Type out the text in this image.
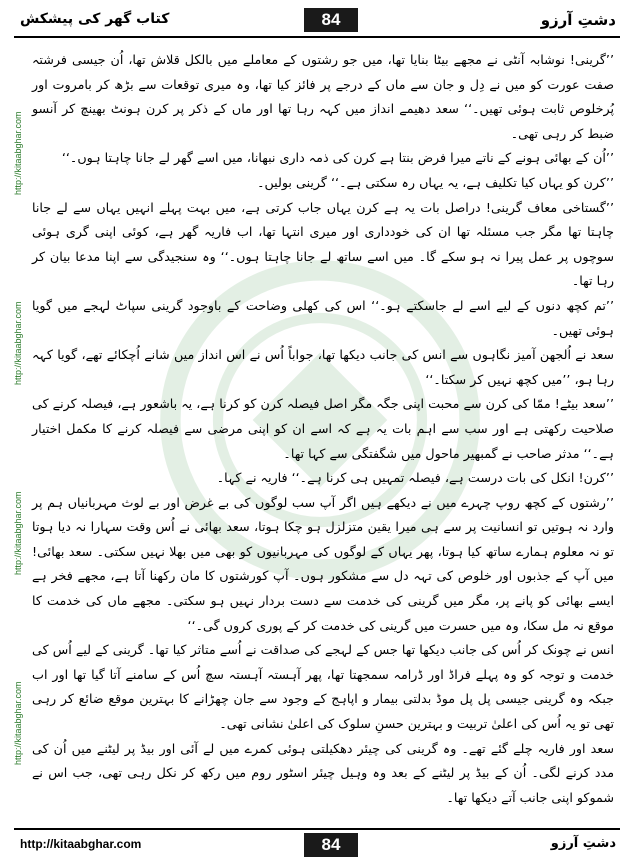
کتاب گھر کی پیشکش	84	دشتِ آرزو
http://kitaabghar.com
http://kitaabghar.com
http://kitaabghar.com
http://kitaabghar.com

’’گرینی! نوشابہ آنٹی نے مجھے بیٹا بنایا تھا، میں جو رشتوں کے معاملے میں بالکل قلاش تھا، اُن جیسی فرشتہ صفت عورت کو میں نے دِل و جان سے ماں کے درجے پر فائز کیا تھا، وہ میری توقعات سے بڑھ کر بامروت اور پُرخلوص ثابت ہوئی تھیں۔‘‘ سعد دھیمے انداز میں کہہ رہا تھا اور ماں کے ذکر پر کرن ہونٹ بھینچ کر آنسو ضبط کر رہی تھی۔

’’اُن کے بھائی ہونے کے ناتے میرا فرض بنتا ہے کرن کی ذمہ داری نبھانا، میں اسے گھر لے جانا چاہتا ہوں۔‘‘

’’کرن کو یہاں کیا تکلیف ہے، یہ یہاں رہ سکتی ہے۔‘‘ گرینی بولیں۔

’’گستاخی معاف گرینی! دراصل بات یہ ہے کرن یہاں جاب کرتی ہے، میں بہت پہلے انہیں یہاں سے لے جانا چاہتا تھا مگر جب مسئلہ تھا ان کی خودداری اور میری انتہا تھا، اب فاریہ گھر ہے، کوئی اپنی گری ہوئی سوچوں پر عمل پیرا نہ ہو سکے گا۔ میں اسے ساتھ لے جانا چاہتا ہوں۔‘‘ وہ سنجیدگی سے اپنا مدعا بیان کر رہا تھا۔

’’تم کچھ دنوں کے لیے اسے لے جاسکتے ہو۔‘‘ اس کی کھلی وضاحت کے باوجود گرینی سپاٹ لہجے میں گویا ہوئی تھیں۔

سعد نے اُلجھن آمیز نگاہوں سے انس کی جانب دیکھا تھا، جواباً اُس نے اس انداز میں شانے اُچکائے تھے، گویا کہہ رہا ہو، ’’میں کچھ نہیں کر سکتا۔‘‘

’’سعد بیٹے! ممّا کی کرن سے محبت اپنی جگہ مگر اصل فیصلہ کرن کو کرنا ہے، یہ باشعور ہے، فیصلہ کرنے کی صلاحیت رکھتی ہے اور سب سے اہم بات یہ ہے کہ اسے ان کو اپنی مرضی سے فیصلہ کرنے کا مکمل اختیار ہے۔‘‘ مدثر صاحب نے گمبھیر ماحول میں شگفتگی سے کہا تھا۔

’’کرن! انکل کی بات درست ہے، فیصلہ تمہیں ہی کرنا ہے۔‘‘ فاریہ نے کہا۔

’’رشتوں کے کچھ روپ چہرے میں نے دیکھے ہیں اگر آپ سب لوگوں کی بے غرض اور بے لوث مہربانیاں ہم پر وارد نہ ہوتیں تو انسانیت پر سے ہی میرا یقین متزلزل ہو چکا ہوتا، سعد بھائی نے اُس وقت سہارا نہ دیا ہوتا تو نہ معلوم ہمارے ساتھ کیا ہوتا، پھر یہاں کے لوگوں کی مہربانیوں کو بھی میں بھلا نہیں سکتی۔ سعد بھائی! میں آپ کے جذبوں اور خلوص کی تہہ دل سے مشکور ہوں۔ آپ کورشتوں کا مان رکھنا آتا ہے، مجھے فخر ہے ایسے بھائی کو پانے پر، مگر میں گرینی کی خدمت سے دست بردار نہیں ہو سکتی۔ مجھے ماں کی خدمت کا موقع نہ مل سکا، وہ میں حسرت میں گرینی کی خدمت کر کے پوری کروں گی۔‘‘

انس نے چونک کر اُس کی جانب دیکھا تھا جس کے لہجے کی صداقت نے اُسے متاثر کیا تھا۔ گرینی کے لیے اُس کی خدمت و توجہ کو وہ پہلے فراڈ اور ڈرامہ سمجھتا تھا، پھر آہستہ آہستہ سچ اُس کے سامنے آتا گیا تھا اور اب جبکہ وہ گرینی جیسی پل پل موڈ بدلتی بیمار و اپاہج کے وجود سے جان چھڑانے کا بہترین موقع ضائع کر رہی تھی تو یہ اُس کی اعلیٰ تربیت و بہترین حسنِ سلوک کی اعلیٰ نشانی تھی۔

سعد اور فاریہ چلے گئے تھے۔ وہ گرینی کی چیئر دھکیلتی ہوئی کمرے میں لے آئی اور بیڈ پر لیٹنے میں اُن کی مدد کرنے لگی۔ اُن کے بیڈ پر لیٹنے کے بعد وہ وہیل چیئر اسٹور روم میں رکھ کر نکل رہی تھی، جب اس نے شموکو اپنی جانب آتے دیکھا تھا۔

http://kitaabghar.com	84	دشتِ آرزو
